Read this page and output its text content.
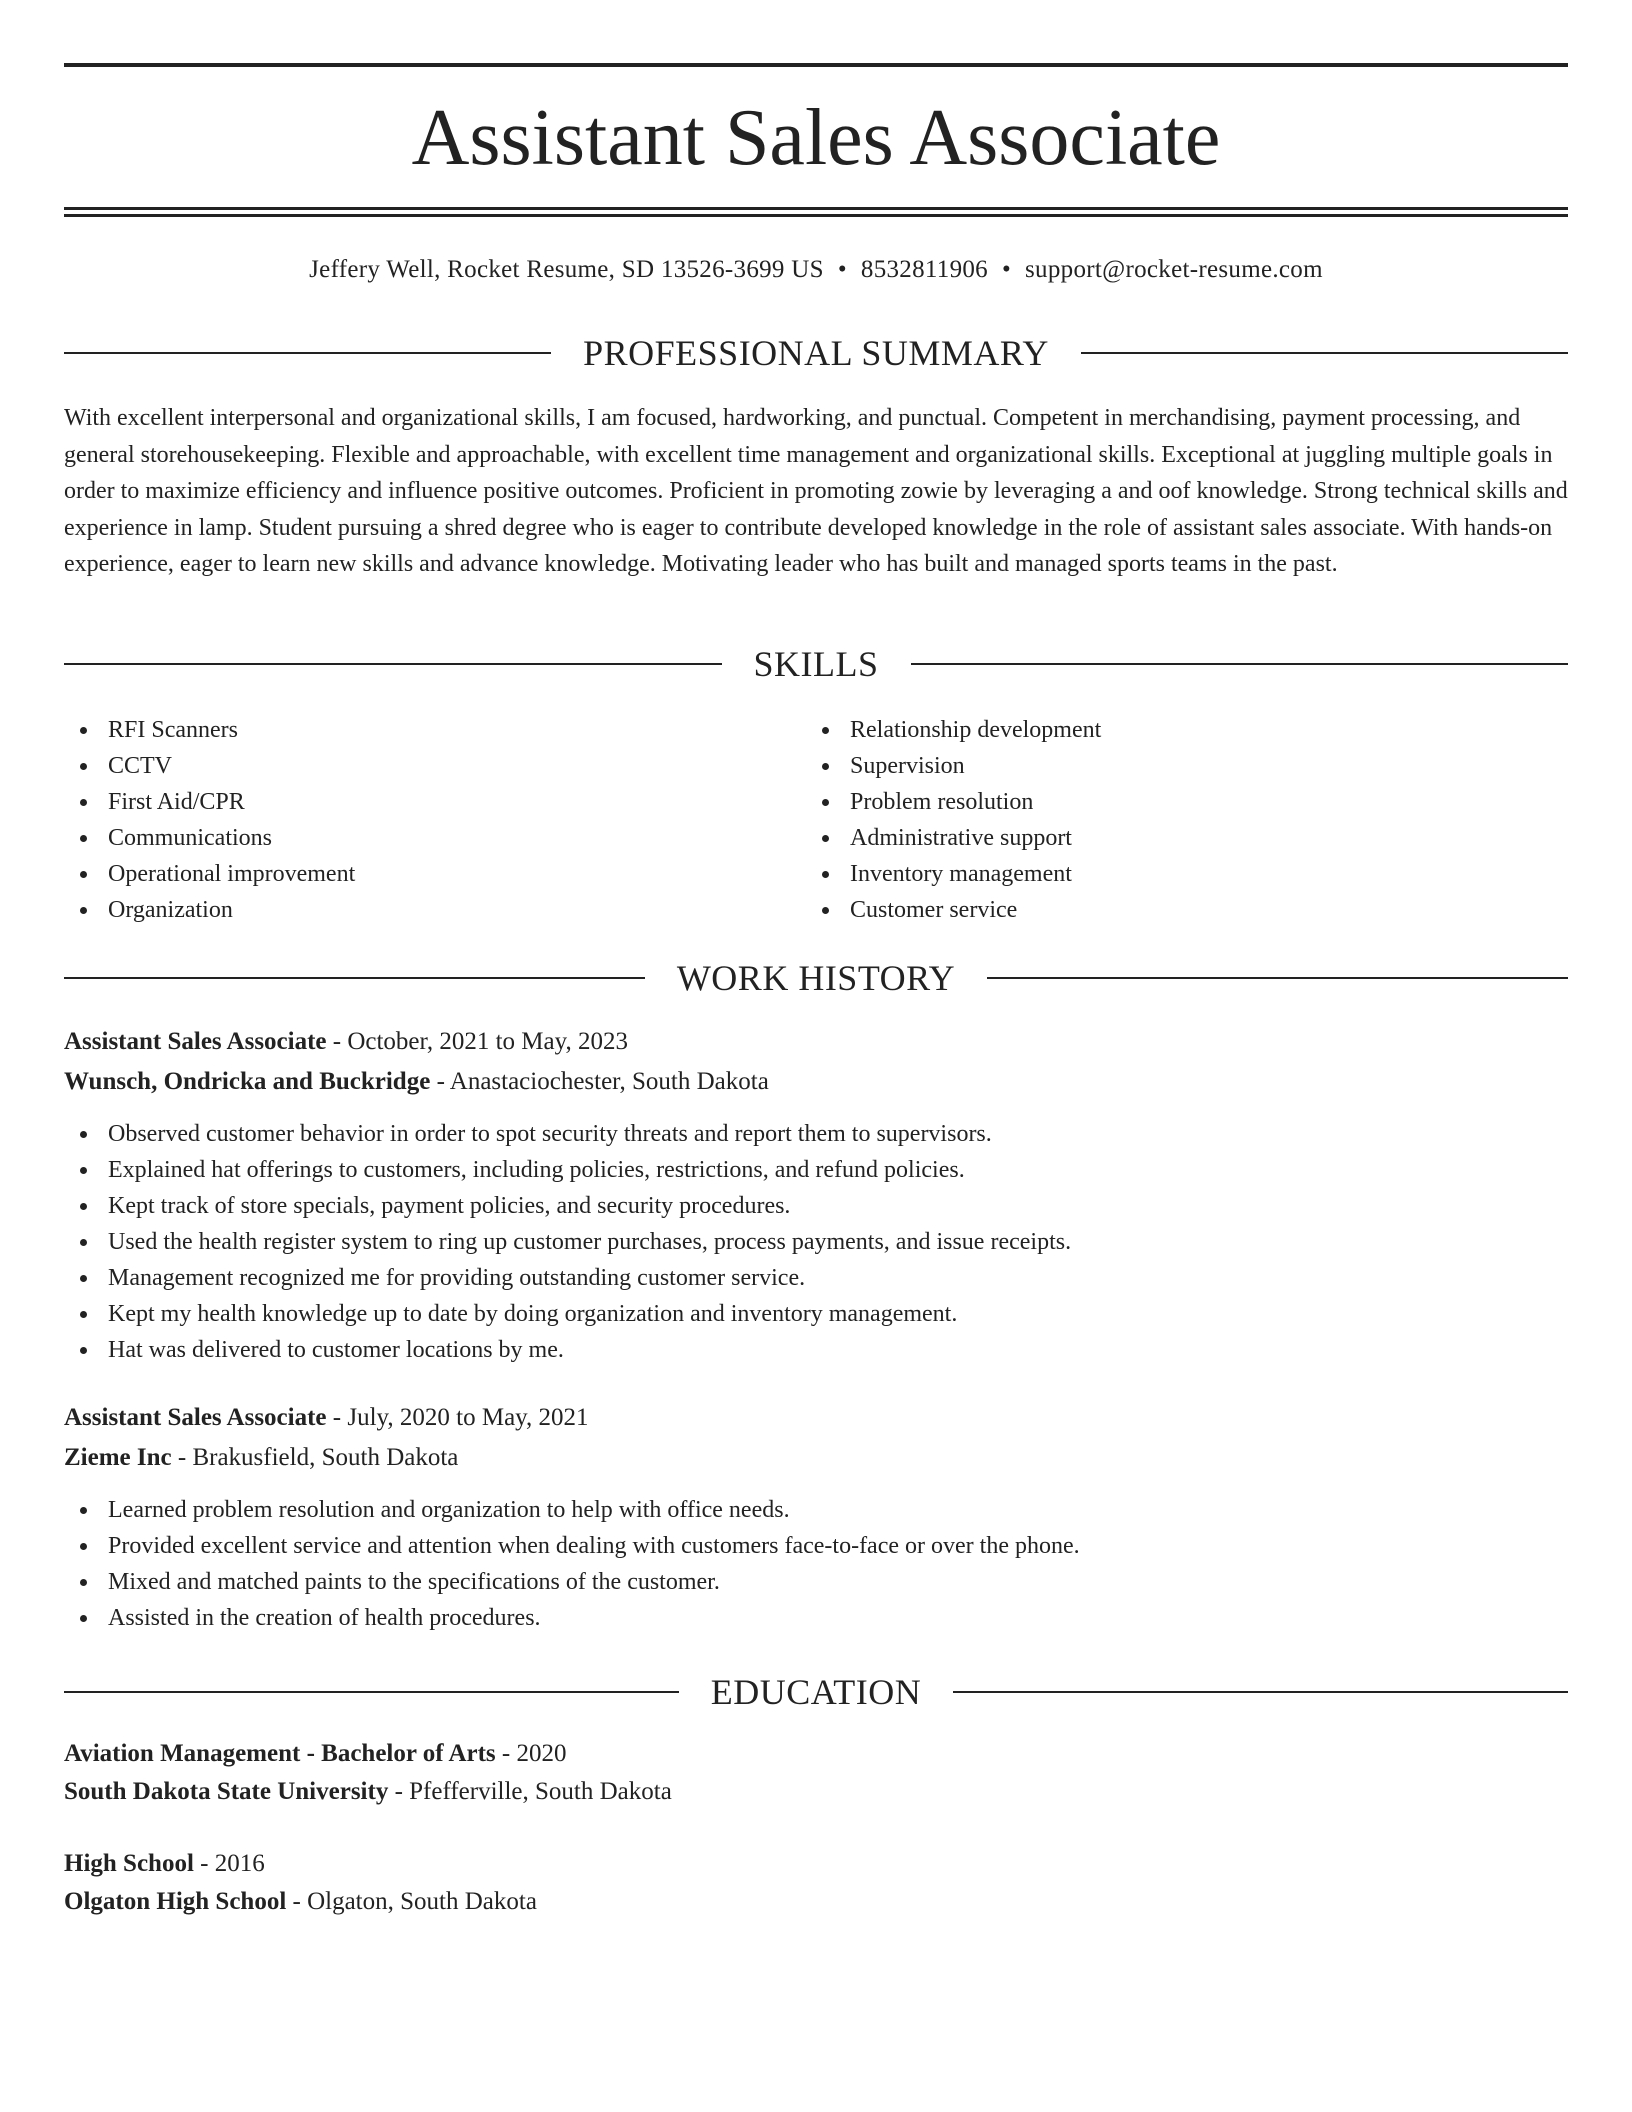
Assistant Sales Associate
Jeffery Well, Rocket Resume, SD 13526-3699 US • 8532811906 • support@rocket-resume.com
PROFESSIONAL SUMMARY

With excellent interpersonal and organizational skills, I am focused, hardworking, and punctual. Competent in merchandising, payment processing, and general storehousekeeping. Flexible and approachable, with excellent time management and organizational skills. Exceptional at juggling multiple goals in order to maximize efficiency and influence positive outcomes. Proficient in promoting zowie by leveraging a and oof knowledge. Strong technical skills and experience in lamp. Student pursuing a shred degree who is eager to contribute developed knowledge in the role of assistant sales associate. With hands-on experience, eager to learn new skills and advance knowledge. Motivating leader who has built and managed sports teams in the past.

SKILLS
RFI Scanners
CCTV
First Aid/CPR
Communications
Operational improvement
Organization
Relationship development
Supervision
Problem resolution
Administrative support
Inventory management
Customer service
WORK HISTORY
Assistant Sales Associate - October, 2021 to May, 2023
Wunsch, Ondricka and Buckridge - Anastaciochester, South Dakota
Observed customer behavior in order to spot security threats and report them to supervisors.
Explained hat offerings to customers, including policies, restrictions, and refund policies.
Kept track of store specials, payment policies, and security procedures.
Used the health register system to ring up customer purchases, process payments, and issue receipts.
Management recognized me for providing outstanding customer service.
Kept my health knowledge up to date by doing organization and inventory management.
Hat was delivered to customer locations by me.
Assistant Sales Associate - July, 2020 to May, 2021
Zieme Inc - Brakusfield, South Dakota
Learned problem resolution and organization to help with office needs.
Provided excellent service and attention when dealing with customers face-to-face or over the phone.
Mixed and matched paints to the specifications of the customer.
Assisted in the creation of health procedures.
EDUCATION
Aviation Management - Bachelor of Arts - 2020
South Dakota State University - Pfefferville, South Dakota
High School - 2016
Olgaton High School - Olgaton, South Dakota
